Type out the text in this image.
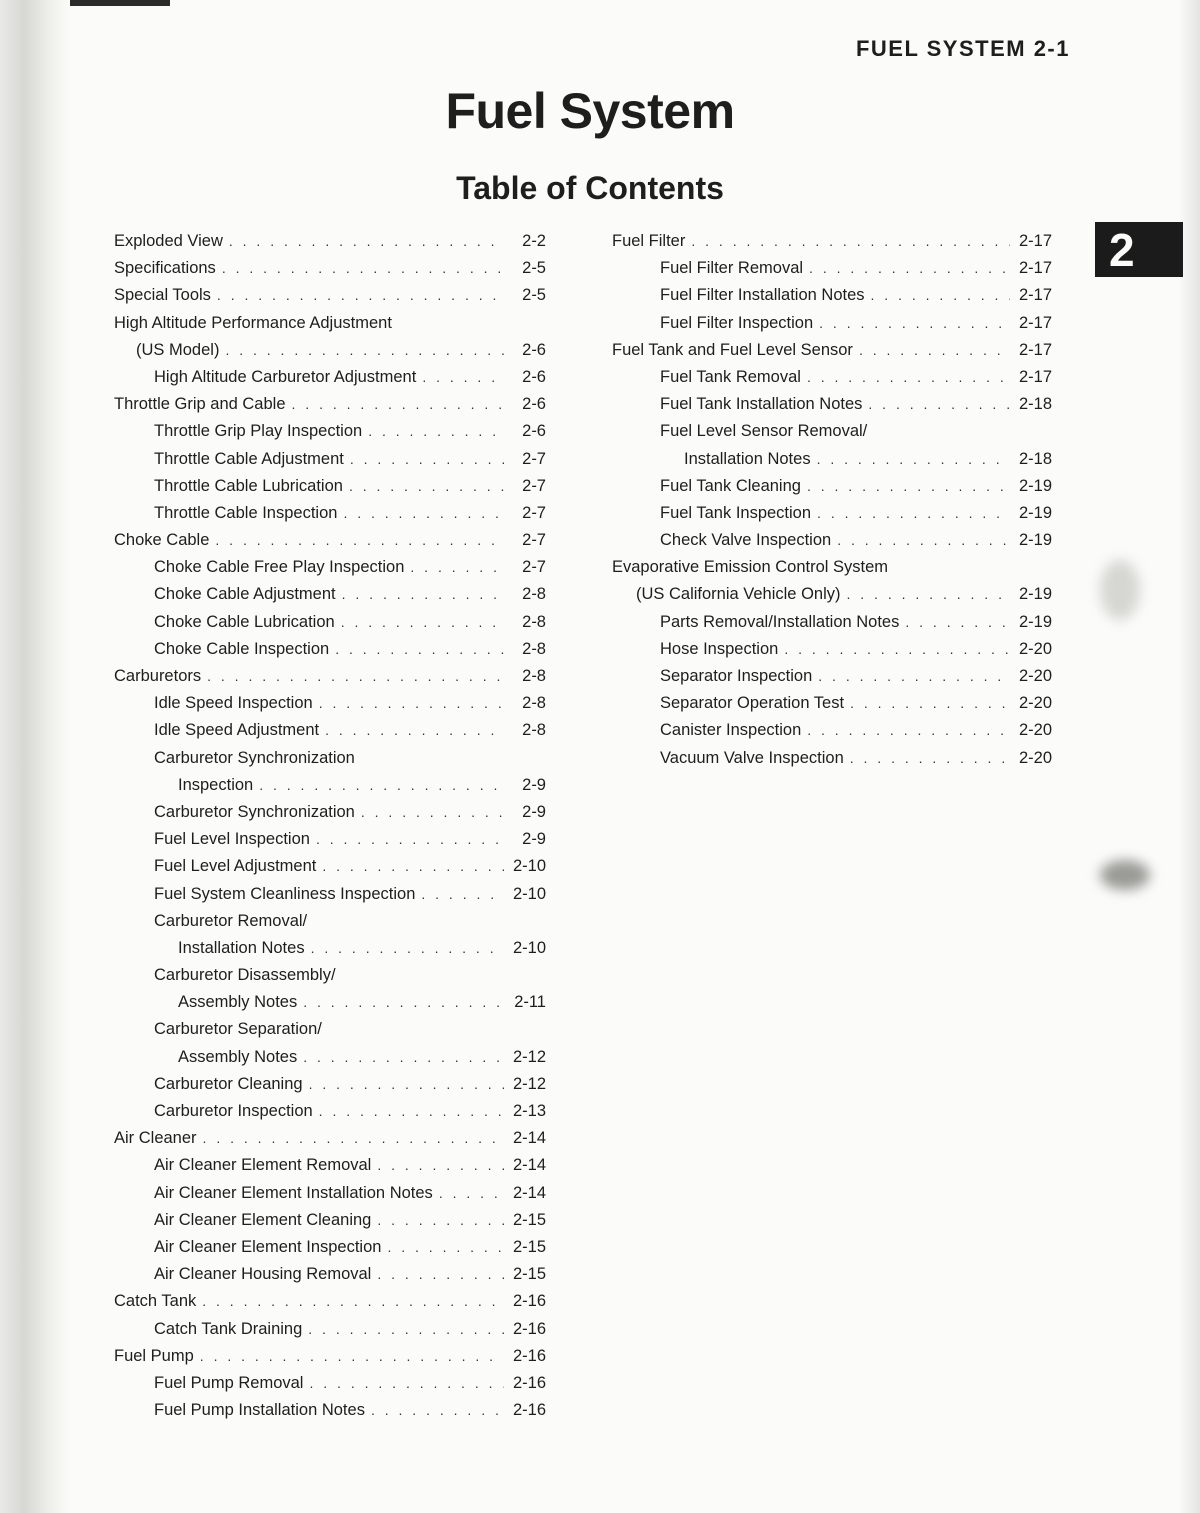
FUEL SYSTEM 2-1
Fuel System
Table of Contents
2
Exploded View . . .	2-2
Specifications . . .	2-5
Special Tools . . .	2-5
High Altitude Performance Adjustment
(US Model) . . .	2-6
High Altitude Carburetor Adjustment . . .	2-6
Throttle Grip and Cable . . .	2-6
Throttle Grip Play Inspection . . .	2-6
Throttle Cable Adjustment . . .	2-7
Throttle Cable Lubrication . . .	2-7
Throttle Cable Inspection . . .	2-7
Choke Cable . . .	2-7
Choke Cable Free Play Inspection . . .	2-7
Choke Cable Adjustment . . .	2-8
Choke Cable Lubrication . . .	2-8
Choke Cable Inspection . . .	2-8
Carburetors . . .	2-8
Idle Speed Inspection . . .	2-8
Idle Speed Adjustment . . .	2-8
Carburetor Synchronization
Inspection . . .	2-9
Carburetor Synchronization . . .	2-9
Fuel Level Inspection . . .	2-9
Fuel Level Adjustment . . .	2-10
Fuel System Cleanliness Inspection . . .	2-10
Carburetor Removal/
Installation Notes . . .	2-10
Carburetor Disassembly/
Assembly Notes . . .	2-11
Carburetor Separation/
Assembly Notes . . .	2-12
Carburetor Cleaning . . .	2-12
Carburetor Inspection . . .	2-13
Air Cleaner . . .	2-14
Air Cleaner Element Removal . . .	2-14
Air Cleaner Element Installation Notes . . .	2-14
Air Cleaner Element Cleaning . . .	2-15
Air Cleaner Element Inspection . . .	2-15
Air Cleaner Housing Removal . . .	2-15
Catch Tank . . .	2-16
Catch Tank Draining . . .	2-16
Fuel Pump . . .	2-16
Fuel Pump Removal . . .	2-16
Fuel Pump Installation Notes . . .	2-16
Fuel Filter . . .	2-17
Fuel Filter Removal . . .	2-17
Fuel Filter Installation Notes . . .	2-17
Fuel Filter Inspection . . .	2-17
Fuel Tank and Fuel Level Sensor . . .	2-17
Fuel Tank Removal . . .	2-17
Fuel Tank Installation Notes . . .	2-18
Fuel Level Sensor Removal/
Installation Notes . . .	2-18
Fuel Tank Cleaning . . .	2-19
Fuel Tank Inspection . . .	2-19
Check Valve Inspection . . .	2-19
Evaporative Emission Control System
(US California Vehicle Only) . . .	2-19
Parts Removal/Installation Notes . . .	2-19
Hose Inspection . . .	2-20
Separator Inspection . . .	2-20
Separator Operation Test . . .	2-20
Canister Inspection . . .	2-20
Vacuum Valve Inspection . . .	2-20
